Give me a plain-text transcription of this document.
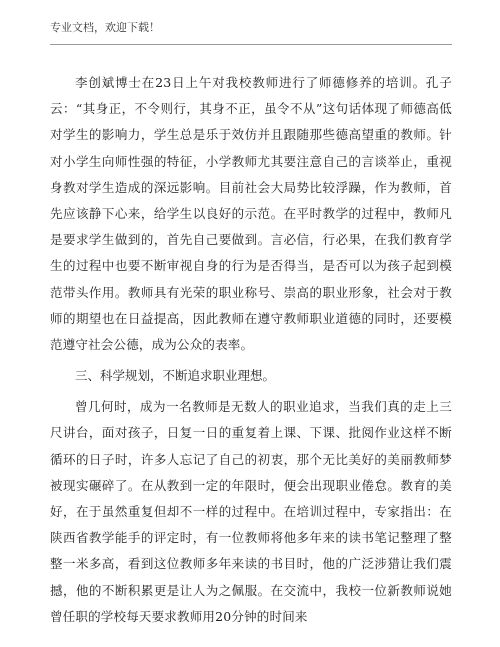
专业文档，欢迎下载！

李创斌博士在23日上午对我校教师进行了师德修养的培训。孔子云：“其身正，不令则行，其身不正，虽令不从”这句话体现了师德高低对学生的影响力，学生总是乐于效仿并且跟随那些德高望重的教师。针对小学生向师性强的特征，小学教师尤其要注意自己的言谈举止，重视身教对学生造成的深远影响。目前社会大局势比较浮躁，作为教师，首先应该静下心来，给学生以良好的示范。在平时教学的过程中，教师凡是要求学生做到的，首先自己要做到。言必信，行必果，在我们教育学生的过程中也要不断审视自身的行为是否得当，是否可以为孩子起到模范带头作用。教师具有光荣的职业称号、崇高的职业形象，社会对于教师的期望也在日益提高，因此教师在遵守教师职业道德的同时，还要模范遵守社会公德，成为公众的表率。

三、科学规划，不断追求职业理想。

曾几何时，成为一名教师是无数人的职业追求，当我们真的走上三尺讲台，面对孩子，日复一日的重复着上课、下课、批阅作业这样不断循环的日子时，许多人忘记了自己的初衷，那个无比美好的美丽教师梦被现实碾碎了。在从教到一定的年限时，便会出现职业倦怠。教育的美好，在于虽然重复但却不一样的过程中。在培训过程中，专家指出：在陕西省教学能手的评定时，有一位教师将他多年来的读书笔记整理了整整一米多高，看到这位教师多年来读的书目时，他的广泛涉猎让我们震撼，他的不断积累更是让人为之佩服。在交流中，我校一位新教师说她曾任职的学校每天要求教师用20分钟的时间来
